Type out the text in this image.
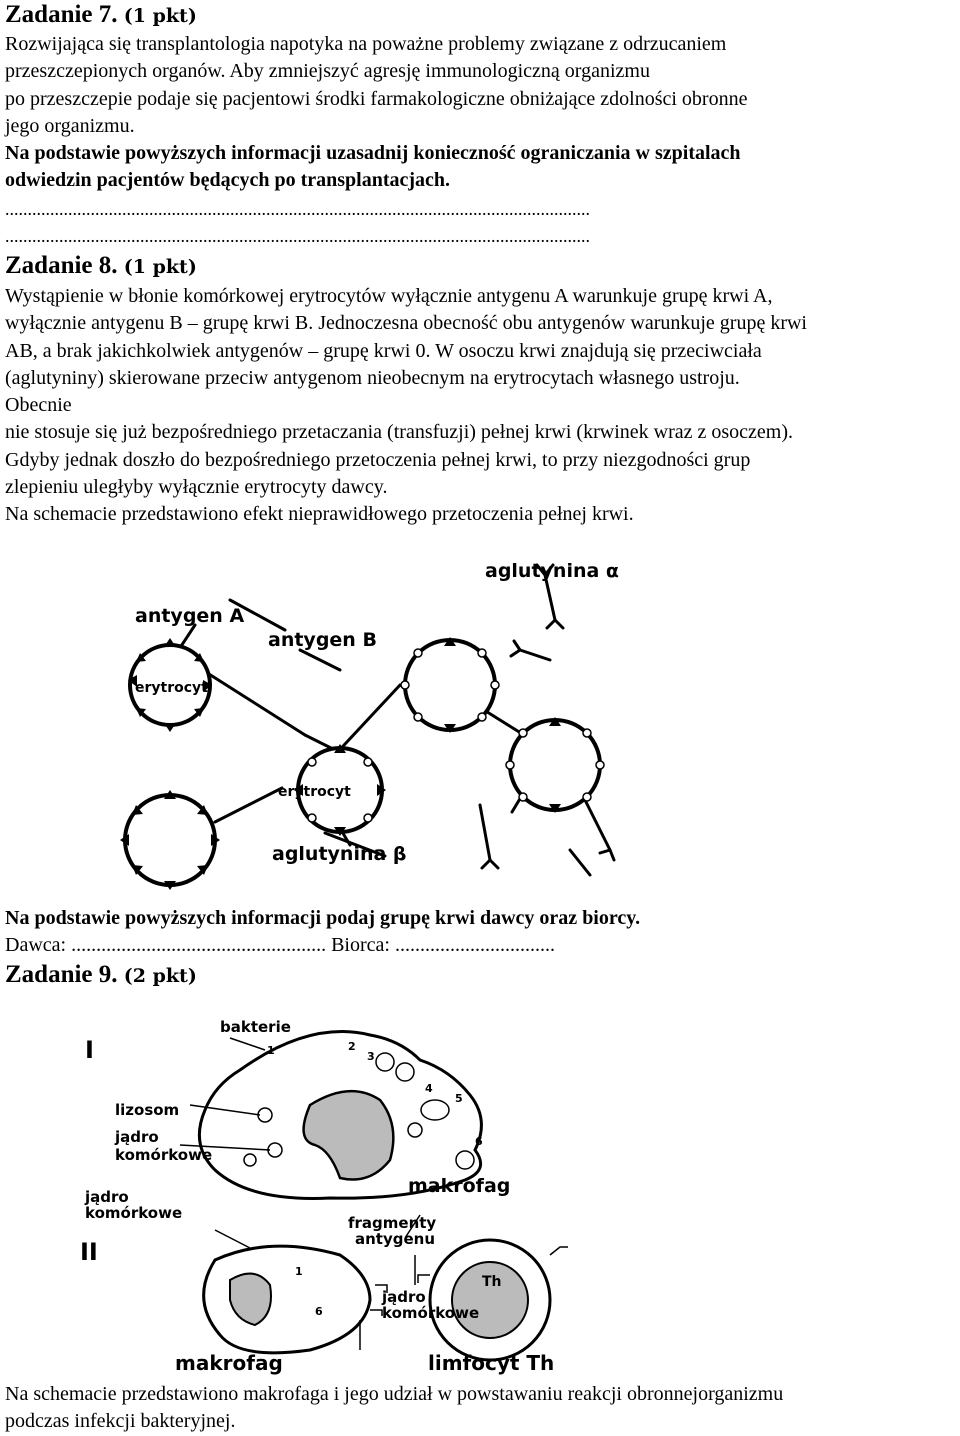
Zadanie 7. (1 pkt)
Rozwijająca się transplantologia napotyka na poważne problemy związane z odrzucaniem
przeszczepionych organów. Aby zmniejszyć agresję immunologiczną organizmu
po przeszczepie podaje się pacjentowi środki farmakologiczne obniżające zdolności obronne
jego organizmu.
Na podstawie powyższych informacji uzasadnij konieczność ograniczania w szpitalach
odwiedzin pacjentów będących po transplantacjach.
..................................................................................................................................
..................................................................................................................................
Zadanie 8. (1 pkt)
Wystąpienie w błonie komórkowej erytrocytów wyłącznie antygenu A warunkuje grupę krwi A,
wyłącznie antygenu B – grupę krwi B. Jednoczesna obecność obu antygenów warunkuje grupę krwi
AB, a brak jakichkolwiek antygenów – grupę krwi 0. W osoczu krwi znajdują się przeciwciała
(aglutyniny) skierowane przeciw antygenom nieobecnym na erytrocytach własnego ustroju.
Obecnie
nie stosuje się już bezpośredniego przetaczania (transfuzji) pełnej krwi (krwinek wraz z osoczem).
Gdyby jednak doszło do bezpośredniego przetoczenia pełnej krwi, to przy niezgodności grup
zlepieniu uległyby wyłącznie erytrocyty dawcy.
Na schemacie przedstawiono efekt nieprawidłowego przetoczenia pełnej krwi.
aglutynina α
antygen A
antygen B
erytrocyt
erytrocyt
aglutynina β
Na podstawie powyższych informacji podaj grupę krwi dawcy oraz biorcy.
Dawca: ................................................... Biorca: ................................
Zadanie 9. (2 pkt)
I
II
bakterie
lizosom
jądro
komórkowe
makrofag
jądro
komórkowe
fragmenty
antygenu
Th
jądro
komórkowe
makrofag	limfocyt Th
1	2
3
4
5
6
1
6
Na schemacie przedstawiono makrofaga i jego udział w powstawaniu reakcji obronnejorganizmu
podczas infekcji bakteryjnej.
